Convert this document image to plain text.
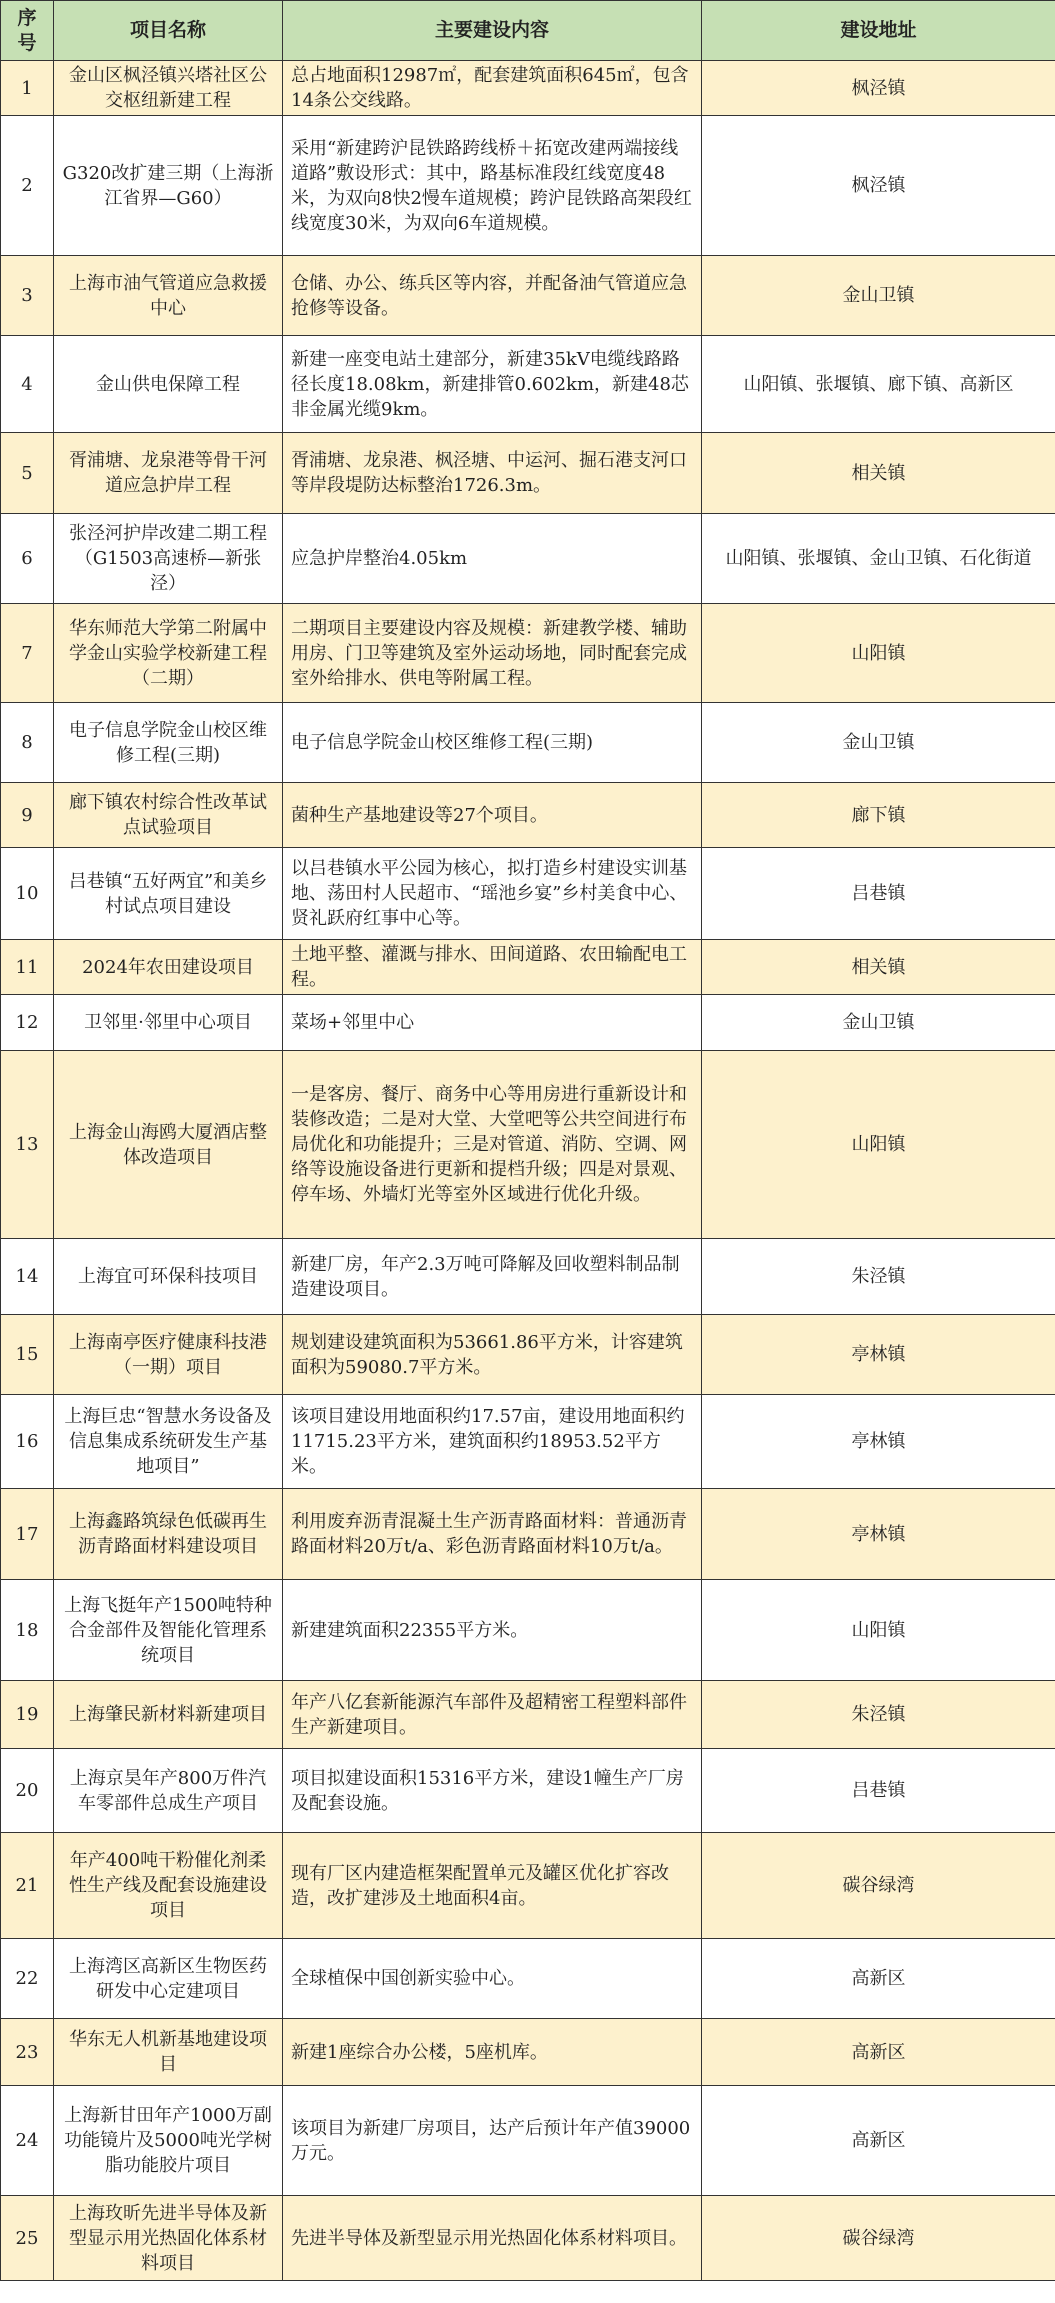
序号	项目名称	主要建设内容	建设地址
1	金山区枫泾镇兴塔社区公交枢纽新建工程	总占地面积12987㎡，配套建筑面积645㎡，包含14条公交线路。	枫泾镇
2	G320改扩建三期（上海浙江省界—G60）	采用“新建跨沪昆铁路跨线桥＋拓宽改建两端接线道路”敷设形式：其中，路基标准段红线宽度48米，为双向8快2慢车道规模；跨沪昆铁路高架段红线宽度30米，为双向6车道规模。	枫泾镇
3	上海市油气管道应急救援中心	仓储、办公、练兵区等内容，并配备油气管道应急抢修等设备。	金山卫镇
4	金山供电保障工程	新建一座变电站土建部分，新建35kV电缆线路路径长度18.08km，新建排管0.602km，新建48芯非金属光缆9km。	山阳镇、张堰镇、廊下镇、高新区
5	胥浦塘、龙泉港等骨干河道应急护岸工程	胥浦塘、龙泉港、枫泾塘、中运河、掘石港支河口等岸段堤防达标整治1726.3m。	相关镇
6	张泾河护岸改建二期工程（G1503高速桥—新张泾）	应急护岸整治4.05km	山阳镇、张堰镇、金山卫镇、石化街道
7	华东师范大学第二附属中学金山实验学校新建工程（二期）	二期项目主要建设内容及规模：新建教学楼、辅助用房、门卫等建筑及室外运动场地，同时配套完成室外给排水、供电等附属工程。	山阳镇
8	电子信息学院金山校区维修工程(三期)	电子信息学院金山校区维修工程(三期)	金山卫镇
9	廊下镇农村综合性改革试点试验项目	菌种生产基地建设等27个项目。	廊下镇
10	吕巷镇“五好两宜”和美乡村试点项目建设	以吕巷镇水平公园为核心，拟打造乡村建设实训基地、荡田村人民超市、“瑶池乡宴”乡村美食中心、贤礼跃府红事中心等。	吕巷镇
11	2024年农田建设项目	土地平整、灌溉与排水、田间道路、农田输配电工程。	相关镇
12	卫邻里·邻里中心项目	菜场+邻里中心	金山卫镇
13	上海金山海鸥大厦酒店整体改造项目	一是客房、餐厅、商务中心等用房进行重新设计和装修改造；二是对大堂、大堂吧等公共空间进行布局优化和功能提升；三是对管道、消防、空调、网络等设施设备进行更新和提档升级；四是对景观、停车场、外墙灯光等室外区域进行优化升级。	山阳镇
14	上海宜可环保科技项目	新建厂房，年产2.3万吨可降解及回收塑料制品制造建设项目。	朱泾镇
15	上海南亭医疗健康科技港（一期）项目	规划建设建筑面积为53661.86平方米，计容建筑面积为59080.7平方米。	亭林镇
16	上海巨忠“智慧水务设备及信息集成系统研发生产基地项目”	该项目建设用地面积约17.57亩，建设用地面积约11715.23平方米，建筑面积约18953.52平方米。	亭林镇
17	上海鑫路筑绿色低碳再生沥青路面材料建设项目	利用废弃沥青混凝土生产沥青路面材料：普通沥青路面材料20万t/a、彩色沥青路面材料10万t/a。	亭林镇
18	上海飞挺年产1500吨特种合金部件及智能化管理系统项目	新建建筑面积22355平方米。	山阳镇
19	上海肇民新材料新建项目	年产八亿套新能源汽车部件及超精密工程塑料部件生产新建项目。	朱泾镇
20	上海京昊年产800万件汽车零部件总成生产项目	项目拟建设面积15316平方米，建设1幢生产厂房及配套设施。	吕巷镇
21	年产400吨干粉催化剂柔性生产线及配套设施建设项目	现有厂区内建造框架配置单元及罐区优化扩容改造，改扩建涉及土地面积4亩。	碳谷绿湾
22	上海湾区高新区生物医药研发中心定建项目	全球植保中国创新实验中心。	高新区
23	华东无人机新基地建设项目	新建1座综合办公楼，5座机库。	高新区
24	上海新甘田年产1000万副功能镜片及5000吨光学树脂功能胶片项目	该项目为新建厂房项目，达产后预计年产值39000万元。	高新区
25	上海玫昕先进半导体及新型显示用光热固化体系材料项目	先进半导体及新型显示用光热固化体系材料项目。	碳谷绿湾
